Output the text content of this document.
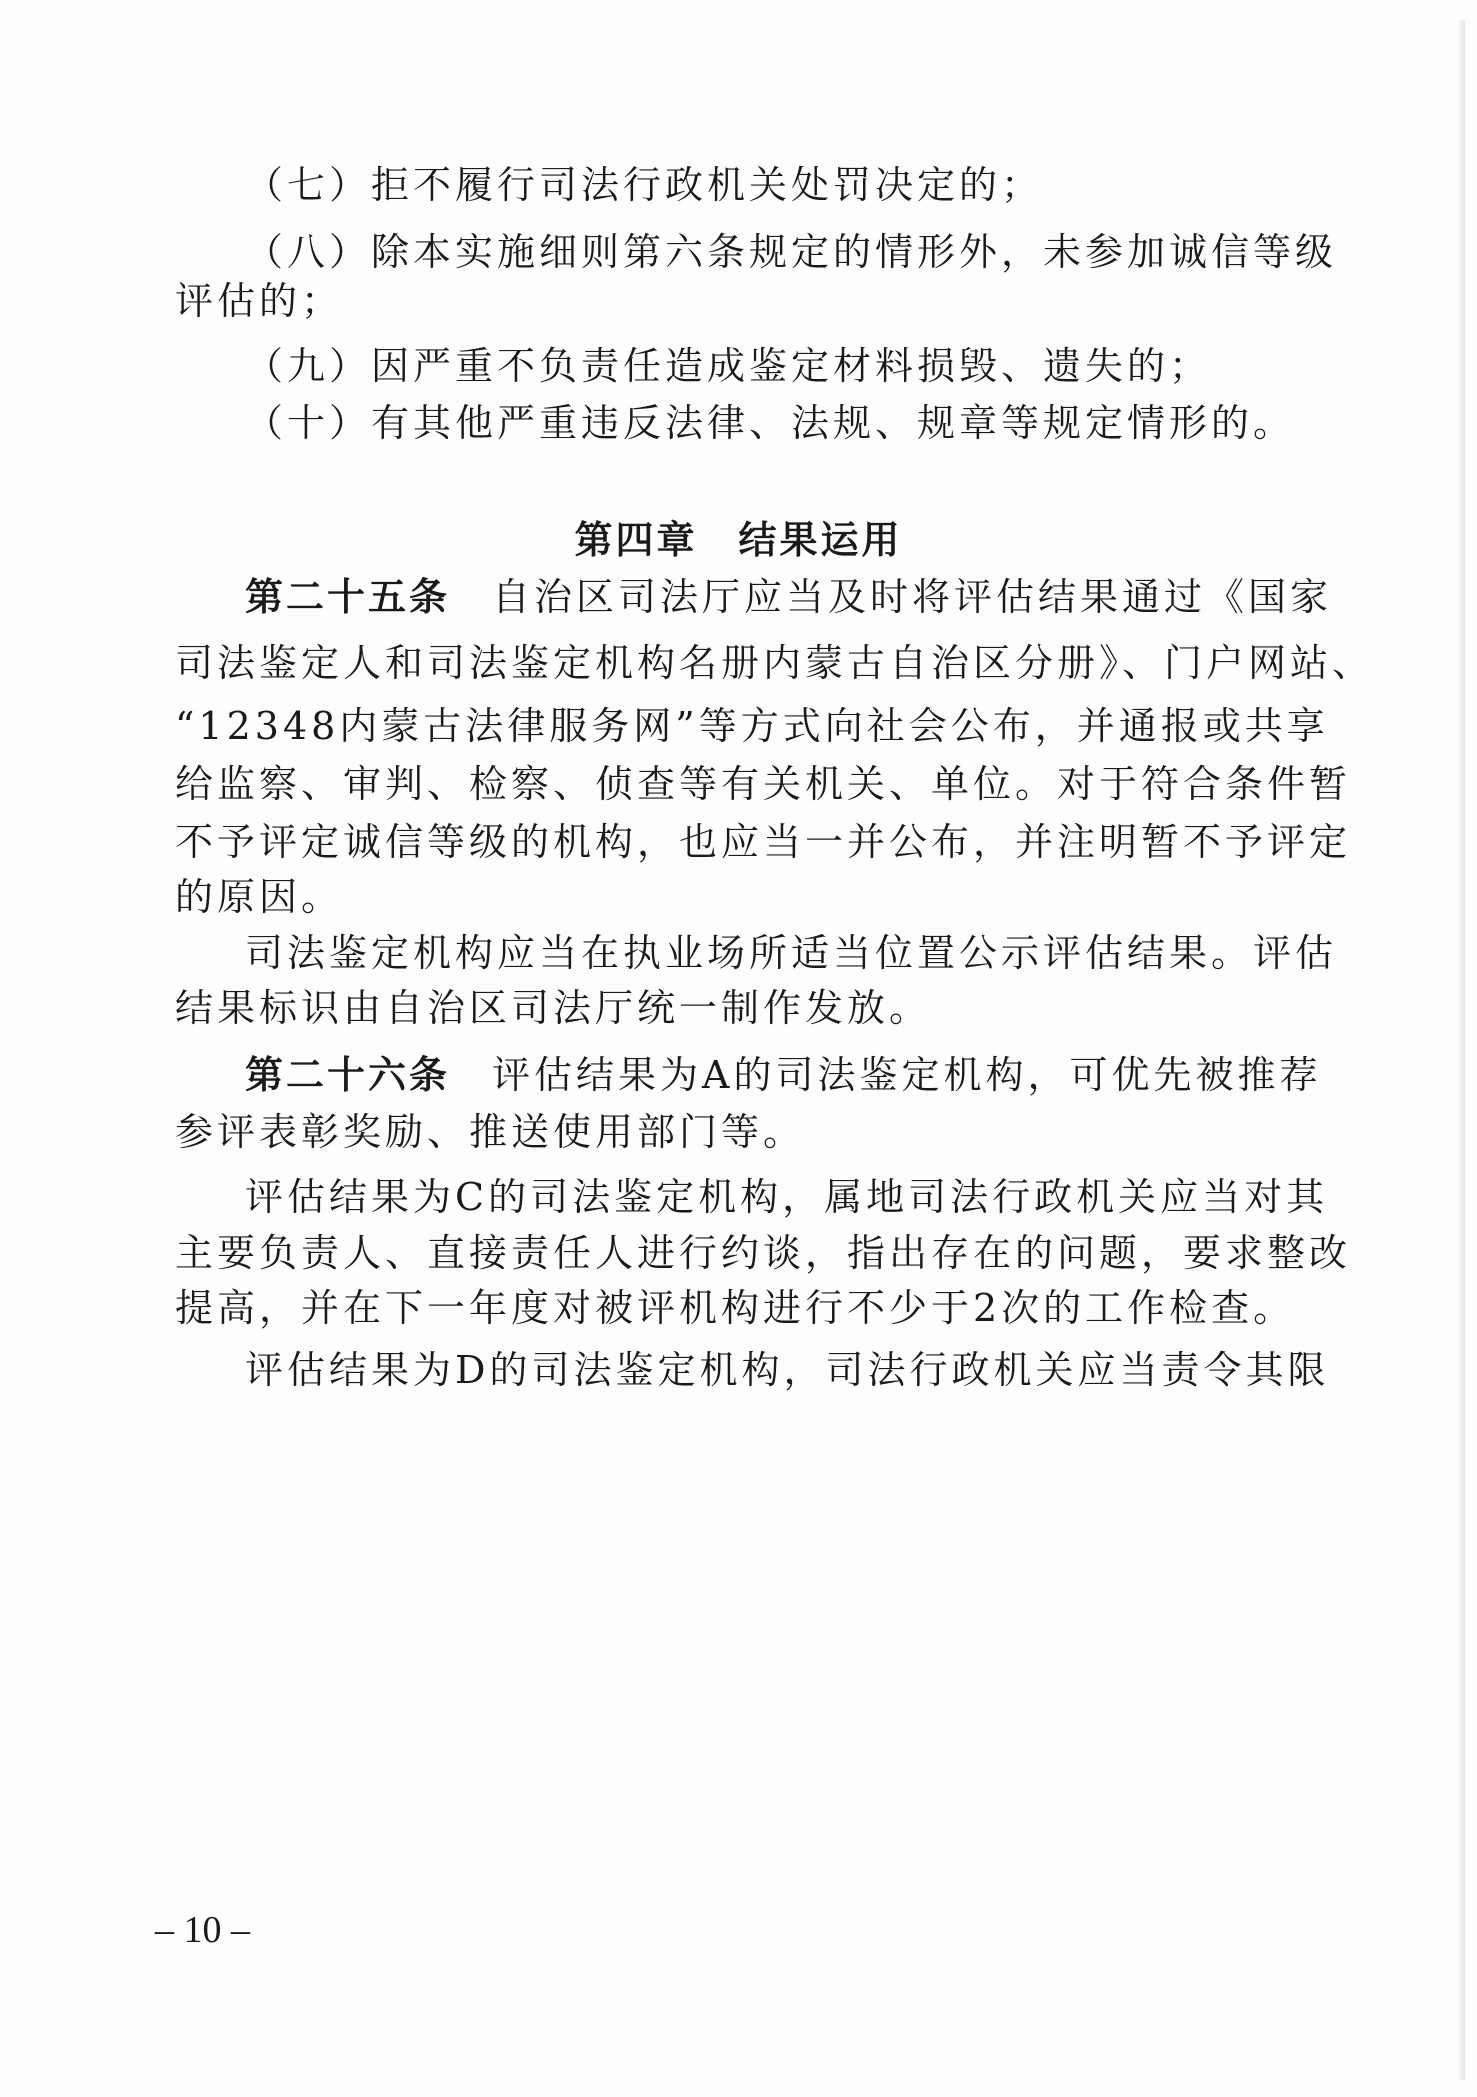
（七）拒不履行司法行政机关处罚决定的；
（八）除本实施细则第六条规定的情形外，未参加诚信等级
评估的；
（九）因严重不负责任造成鉴定材料损毁、遗失的；
（十）有其他严重违反法律、法规、规章等规定情形的。
第四章　结果运用
第二十五条　自治区司法厅应当及时将评估结果通过《国家
司法鉴定人和司法鉴定机构名册内蒙古自治区分册》、门户网站、
“12348内蒙古法律服务网”等方式向社会公布，并通报或共享
给监察、审判、检察、侦查等有关机关、单位。对于符合条件暂
不予评定诚信等级的机构，也应当一并公布，并注明暂不予评定
的原因。
司法鉴定机构应当在执业场所适当位置公示评估结果。评估
结果标识由自治区司法厅统一制作发放。
第二十六条　评估结果为A的司法鉴定机构，可优先被推荐
参评表彰奖励、推送使用部门等。
评估结果为C的司法鉴定机构，属地司法行政机关应当对其
主要负责人、直接责任人进行约谈，指出存在的问题，要求整改
提高，并在下一年度对被评机构进行不少于2次的工作检查。
评估结果为D的司法鉴定机构，司法行政机关应当责令其限
– 10 –
